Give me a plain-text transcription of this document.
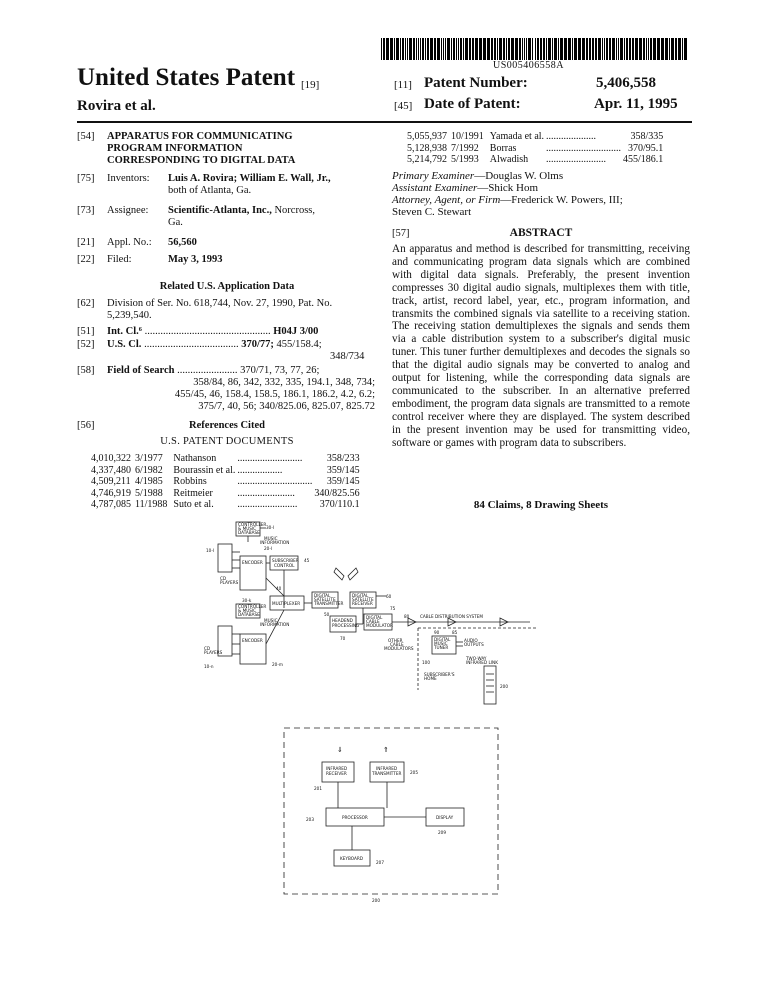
US005406558A
United States Patent [19]
Rovira et al.
[11] Patent Number:	5,406,558
[45] Date of Patent:	Apr. 11, 1995
[54] APPARATUS FOR COMMUNICATING
PROGRAM INFORMATION
CORRESPONDING TO DIGITAL DATA
[75] Inventors: Luis A. Rovira; William E. Wall, Jr.,
both of Atlanta, Ga.
[73] Assignee: Scientific-Atlanta, Inc., Norcross,
Ga.
[21] Appl. No.: 56,560
[22] Filed:	May 3, 1993
Related U.S. Application Data
[62] Division of Ser. No. 618,744, Nov. 27, 1990, Pat. No.
5,239,540.
[51] Int. Cl.⁶ ................................................ H04J 3/00
[52] U.S. Cl. .................................... 370/77; 455/158.4;
348/734
[58] Field of Search ....................... 370/71, 73, 77, 26;
358/84, 86, 342, 332, 335, 194.1, 348, 734;
455/45, 46, 158.4, 158.5, 186.1, 186.2, 4.2, 6.2;
375/7, 40, 56; 340/825.06, 825.07, 825.72
[56]	References Cited
U.S. PATENT DOCUMENTS
4,010,322	3/1977	Nathanson	..........................	358/233
4,337,480	6/1982	Bourassin et al.	..................	359/145
4,509,211	4/1985	Robbins	..............................	359/145
4,746,919	5/1988	Reitmeier	.......................	340/825.56
4,787,085	11/1988	Suto et al.	........................	370/110.1
5,055,937	10/1991	Yamada et al.	....................	358/335
5,128,938	7/1992	Borras	..............................	370/95.1
5,214,792	5/1993	Alwadish	........................	455/186.1
Primary Examiner—Douglas W. Olms
Assistant Examiner—Shick Hom
Attorney, Agent, or Firm—Frederick W. Powers, III;
Steven C. Stewart
[57]	ABSTRACT
An apparatus and method is described for transmitting, receiving and communicating program data signals which are combined with digital data signals. Preferably, the present invention compresses 30 digital audio signals, multiplexes them with title, track, artist, record label, year, etc., program information, and transmits the combined signals via satellite to a receiving station. The receiving station demultiplexes the signals and sends them via a cable distribution system to a subscriber's digital music tuner. This tuner further demultiplexes and decodes the signals so that the digital audio signals may be converted to analog and output for listening, while the corresponding data signals are communicated to the subscriber. In an alternative preferred embodiment, the program data signals are transmitted to a remote control receiver where they are displayed. The system described in the present invention may be used for transmitting video, software or games with program data to subscribers.
84 Claims, 8 Drawing Sheets
CONTROLLER
& MUSIC
DATABASE
30-I
MUSIC
INFORMATION
20-I
10-I
ENCODER
CD
PLAYERS
SUBSCRIBER
CONTROL
45
40
30-k
MULTIPLEXER
DIGITAL
SATELLITE
TRANSMITTER
50
DIGITAL
SATELLITE
RECEIVER
60
CONTROLLER
& MUSIC
DATABASE
MUSIC
INFORMATION
ENCODER
CD
PLAYERS
10-n	20-m
HEADEND
PROCESSING
70
DIGITAL
CABLE
MODULATOR
75
80	CABLE DISTRIBUTION SYSTEM
90	85
OTHER
CABLE
MODULATORS
DIGITAL
MUSIC
TUNER
100
AUDIO
OUTPUTS
TWO-WAY
INFRARED LINK
SUBSCRIBER'S
HOME
200
⇓	⇑
INFRARED
RECEIVER
INFRARED
TRANSMITTER 205
201
PROCESSOR
203	DISPLAY
209
KEYBOARD
207
200
